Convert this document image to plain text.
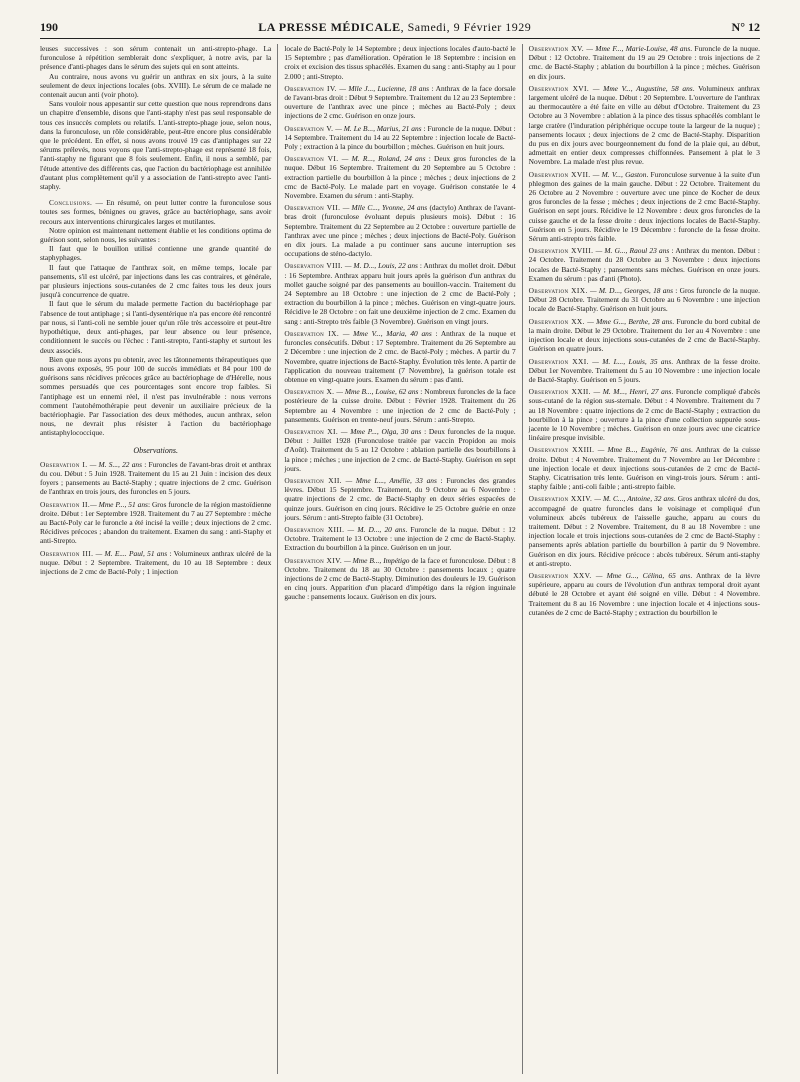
190	LA PRESSE MÉDICALE, Samedi, 9 Février 1929	N° 12

leuses successives : son sérum contenait un anti-strepto-phage. La furonculose à répétition semblerait donc s'expliquer, à notre avis, par la présence d'anti-phages dans le sérum des sujets qui en sont atteints.

Au contraire, nous avons vu guérir un anthrax en six jours, à la suite seulement de deux injections locales (obs. XVIII). Le sérum de ce malade ne contenait aucun anti (voir photo).

Sans vouloir nous appesantir sur cette question que nous reprendrons dans un chapitre d'ensemble, disons que l'anti-staphy n'est pas seul responsable de tous ces insuccès complets ou relatifs. L'anti-strepto-phage joue, selon nous, dans la furonculose, un rôle considérable, peut-être encore plus considérable que le précédent. En effet, si nous avons trouvé 19 cas d'antiphages sur 22 sérums prélevés, nous voyons que l'anti-strepto-phage est représenté 18 fois, l'anti-staphy ne figurant que 8 fois seulement. Enfin, il nous a semblé, par l'étude attentive des différents cas, que l'action du bactériophage est annihilée d'autant plus complètement qu'il y a association de l'anti-strepto avec l'anti-staphy.

Conclusions. — En résumé, on peut lutter contre la furonculose sous toutes ses formes, bénignes ou graves, grâce au bactériophage, sans avoir recours aux interventions chirurgicales larges et mutilantes.

Notre opinion est maintenant nettement établie et les conditions optima de guérison sont, selon nous, les suivantes :

Il faut que le bouillon utilisé contienne une grande quantité de staphyphages.

Il faut que l'attaque de l'anthrax soit, en même temps, locale par pansements, s'il est ulcéré, par injections dans les cas contraires, et générale, par plusieurs injections sous-cutanées de 2 cmc faites tous les deux jours jusqu'à concurrence de quatre.

Il faut que le sérum du malade permette l'action du bactériophage par l'absence de tout antiphage ; si l'anti-dysentérique n'a pas encore été rencontré par nous, si l'anti-coli ne semble jouer qu'un rôle très accessoire et peut-être hypothétique, deux anti-phages, par leur absence ou leur présence, conditionnent le succès ou l'échec : l'anti-strepto, l'anti-staphy et surtout les deux associés.

Bien que nous ayons pu obtenir, avec les tâtonnements thérapeutiques que nous avons exposés, 95 pour 100 de succès immédiats et 84 pour 100 de guérisons sans récidives précoces grâce au bactériophage de d'Hérelle, nous sommes persuadés que ces pourcentages sont encore trop faibles. Si l'antiphage est un ennemi réel, il n'est pas invulnérable : nous verrons comment l'autohémothérapie peut devenir un auxiliaire précieux de la bactériophagie. Par l'association des deux méthodes, aucun anthrax, selon nous, ne devrait plus résister à l'action du bactériophage antistaphylococcique.

Observations.

Observation I. — M. S..., 22 ans : Furoncles de l'avant-bras droit et anthrax du cou. Début : 5 Juin 1928. Traitement du 15 au 21 Juin : incision des deux foyers ; pansements au Bacté-Staphy ; quatre injections de 2 cmc. Guérison de l'anthrax en trois jours, des furoncles en 5 jours.

Observation II.— Mme P..., 51 ans: Gros furoncle de la région mastoïdienne droite. Début : 1er Septembre 1928. Traitement du 7 au 27 Septembre : mèche au Bacté-Poly car le furoncle a été incisé la veille ; deux injections de 2 cmc. Récidives précoces ; abandon du traitement. Examen du sang : anti-Staphy et anti-Strepto.

Observation III. — M. E.... Paul, 51 ans : Volumineux anthrax ulcéré de la nuque. Début : 2 Septembre. Traitement, du 10 au 18 Septembre : deux injections de 2 cmc de Bacté-Poly ; 1 injection

locale de Bacté-Poly le 14 Septembre ; deux injections locales d'auto-bacté le 15 Septembre ; pas d'amélioration. Opération le 18 Septembre : incision en croix et excision des tissus sphacélés. Examen du sang : anti-Staphy au 1 pour 2.000 ; anti-Strepto.

Observation IV. — Mlle J..., Lucienne, 18 ans : Anthrax de la face dorsale de l'avant-bras droit : Début 9 Septembre. Traitement du 12 au 23 Septembre : ouverture de l'anthrax avec une pince ; mèches au Bacté-Poly ; deux injections de 2 cmc. Guérison en onze jours.

Observation V. — M. Le B..., Marius, 21 ans : Furoncle de la nuque. Début : 14 Septembre. Traitement du 14 au 22 Septembre : injection locale de Bacté-Poly ; extraction à la pince du bourbillon ; mèches. Guérison en huit jours.

Observation VI. — M. R..., Roland, 24 ans : Deux gros furoncles de la nuque. Début 16 Septembre. Traitement du 20 Septembre au 5 Octobre : extraction partielle du bourbillon à la pince ; mèches ; deux injections de 2 cmc de Bacté-Poly. Le malade part en voyage. Guérison constatée le 4 Novembre. Examen du sérum : anti-Staphy.

Observation VII. — Mlle C..., Yvonne, 24 ans (dactylo) Anthrax de l'avant-bras droit (furonculose évoluant depuis plusieurs mois). Début : 16 Septembre. Traitement du 22 Septembre au 2 Octobre : ouverture partielle de l'anthrax avec une pince ; mèches ; deux injections de Bacté-Poly. Guérison en dix jours. La malade a pu continuer sans aucune interruption ses occupations de sténo-dactylo.

Observation VIII. — M. D..., Louis, 22 ans : Anthrax du mollet droit. Début : 16 Septembre. Anthrax apparu huit jours après la guérison d'un anthrax du mollet gauche soigné par des pansements au bouillon-vaccin. Traitement du 24 Septembre au 18 Octobre : une injection de 2 cmc de Bacté-Poly ; extraction du bourbillon à la pince ; mèches. Guérison en vingt-quatre jours. Récidive le 28 Octobre : on fait une deuxième injection de 2 cmc. Examen du sang : anti-Strepto très faible (3 Novembre). Guérison en vingt jours.

Observation IX. — Mme V..., Maria, 40 ans : Anthrax de la nuque et furoncles consécutifs. Début : 17 Septembre. Traitement du 26 Septembre au 2 Décembre : une injection de 2 cmc. de Bacté-Poly ; mèches. A partir du 7 Novembre, quatre injections de Bacté-Staphy. Évolution très lente. A partir de l'application du nouveau traitement (7 Novembre), la guérison totale est obtenue en vingt-quatre jours. Examen du sérum : pas d'anti.

Observation X. — Mme B..., Louise, 62 ans : Nombreux furoncles de la face postérieure de la cuisse droite. Début : Février 1928. Traitement du 26 Septembre au 4 Novembre : une injection de 2 cmc de Bacté-Poly ; pansements. Guérison en trente-neuf jours. Sérum : anti-Strepto.

Observation XI. — Mme P..., Olga, 30 ans : Deux furoncles de la nuque. Début : Juillet 1928 (Furonculose traitée par vaccin Propidon au mois d'Août). Traitement du 5 au 12 Octobre : ablation partielle des bourbillons à la pince ; mèches ; une injection de 2 cmc. de Bacté-Staphy. Guérison en sept jours.

Observation XII. — Mme L..., Amélie, 33 ans : Furoncles des grandes lèvres. Début 15 Septembre. Traitement, du 9 Octobre au 6 Novembre : quatre injections de 2 cmc. de Bacté-Staphy en deux séries espacées de quinze jours. Guérison en cinq jours. Récidive le 25 Octobre guérie en onze jours. Sérum : anti-Strepto faible (31 Octobre).

Observation XIII. — M. D..., 20 ans. Furoncle de la nuque. Début : 12 Octobre. Traitement le 13 Octobre : une injection de 2 cmc de Bacté-Staphy. Extraction du bourbillon à la pince. Guérison en un jour.

Observation XIV. — Mme B..., Impétigo de la face et furonculose. Début : 8 Octobre. Traitement du 18 au 30 Octobre : pansements locaux ; quatre injections de 2 cmc de Bacté-Staphy. Diminution des douleurs le 19. Guérison en cinq jours. Apparition d'un placard d'impétigo dans la région inguinale gauche : pansements locaux. Guérison en dix jours.

Observation XV. — Mme F..., Marie-Louise, 48 ans. Furoncle de la nuque. Début : 12 Octobre. Traitement du 19 au 29 Octobre : trois injections de 2 cmc. de Bacté-Staphy ; ablation du bourbillon à la pince ; mèches. Guérison en dix jours.

Observation XVI. — Mme V..., Augustine, 58 ans. Volumineux anthrax largement ulcéré de la nuque. Début : 20 Septembre. L'ouverture de l'anthrax au thermocautère a été faite en ville au début d'Octobre. Traitement du 23 Octobre au 3 Novembre : ablation à la pince des tissus sphacélés comblant le large cratère (l'induration périphérique occupe toute la largeur de la nuque) ; pansements locaux ; deux injections de 2 cmc de Bacté-Staphy. Disparition du pus en dix jours avec bourgeonnement du fond de la plaie qui, au début, admettait en entier deux compresses chiffonnées. Pansement à plat le 3 Novembre. La malade n'est plus revue.

Observation XVII. — M. V..., Gaston. Furonculose survenue à la suite d'un phlegmon des gaines de la main gauche. Début : 22 Octobre. Traitement du 26 Octobre au 2 Novembre : ouverture avec une pince de Kocher de deux gros furoncles de la fesse ; mèches ; deux injections de 2 cmc Bacté-Staphy. Guérison en sept jours. Récidive le 12 Novembre : deux gros furoncles de la cuisse gauche et de la fesse droite : deux injections locales de Bacté-Staphy. Guérison en 5 jours. Récidive le 19 Décembre : furoncle de la fesse droite. Sérum anti-strepto très faible.

Observation XVIII. — M. G..., Raoul 23 ans : Anthrax du menton. Début : 24 Octobre. Traitement du 28 Octobre au 3 Novembre : deux injections locales de Bacté-Staphy ; pansements sans mèches. Guérison en onze jours. Examen du sérum : pas d'anti (Photo).

Observation XIX. — M. D..., Georges, 18 ans : Gros furoncle de la nuque. Début 28 Octobre. Traitement du 31 Octobre au 6 Novembre : une injection locale de Bacté-Staphy. Guérison en huit jours.

Observation XX. — Mme G..., Berthe, 28 ans. Furoncle du bord cubital de la main droite. Début le 29 Octobre. Traitement du 1er au 4 Novembre : une injection locale et deux injections sous-cutanées de 2 cmc de Bacté-Staphy. Guérison en quatre jours.

Observation XXI. — M. L..., Louis, 35 ans. Anthrax de la fesse droite. Début 1er Novembre. Traitement du 5 au 10 Novembre : une injection locale de Bacté-Staphy. Guérison en 5 jours.

Observation XXII. — M. M..., Henri, 27 ans. Furoncle compliqué d'abcès sous-cutané de la région sus-sternale. Début : 4 Novembre. Traitement du 7 au 18 Novembre : quatre injections de 2 cmc de Bacté-Staphy ; extraction du bourbillon à la pince ; ouverture à la pince d'une collection suppurée sous-jacente le 10 Novembre ; mèches. Guérison en onze jours avec une cicatrice linéaire presque invisible.

Observation XXIII. — Mme B..., Eugénie, 76 ans. Anthrax de la cuisse droite. Début : 4 Novembre. Traitement du 7 Novembre au 1er Décembre : une injection locale et deux injections sous-cutanées de 2 cmc de Bacté-Staphy. Cicatrisation très lente. Guérison en vingt-trois jours. Sérum : anti-staphy faible ; anti-coli faible ; anti-strepto faible.

Observation XXIV. — M. C..., Antoine, 32 ans. Gros anthrax ulcéré du dos, accompagné de quatre furoncles dans le voisinage et compliqué d'un volumineux abcès tubéreux de l'aisselle gauche, apparu au cours du traitement. Début : 2 Novembre. Traitement, du 8 au 18 Novembre : une injection locale et trois injections sous-cutanées de 2 cmc de Bacté-Staphy : pansements après ablation partielle du bourbillon à partir du 9 Novembre. Guérison en dix jours. Récidive précoce : abcès tubéreux. Sérum anti-staphy et anti-strepto.

Observation XXV. — Mme G..., Célina, 65 ans. Anthrax de la lèvre supérieure, apparu au cours de l'évolution d'un anthrax temporal droit ayant débuté le 28 Octobre et ayant été soigné en ville. Début : 4 Novembre. Traitement du 8 au 16 Novembre : une injection locale et 4 injections sous-cutanées de 2 cmc de Bacté-Staphy ; extraction du bourbillon le
